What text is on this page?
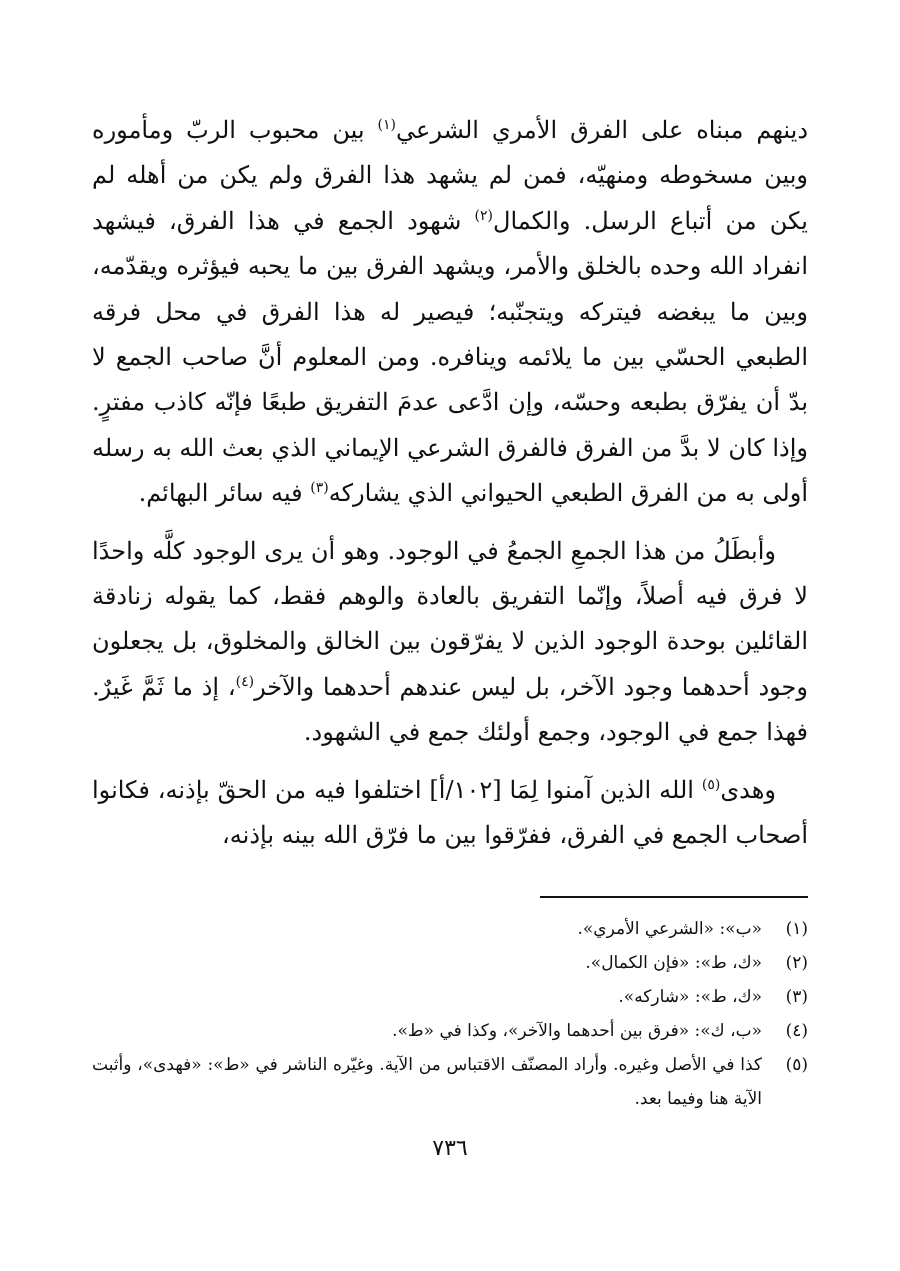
دينهم مبناه على الفرق الأمري الشرعي$^{(١)}$ بين محبوب الربّ ومأموره وبين مسخوطه ومنهيّه، فمن لم يشهد هذا الفرق ولم يكن من أهله لم يكن من أتباع الرسل. والكمال$^{(٢)}$ شهود الجمع في هذا الفرق، فيشهد انفراد الله وحده بالخلق والأمر، ويشهد الفرق بين ما يحبه فيؤثره ويقدّمه، وبين ما يبغضه فيتركه ويتجنّبه؛ فيصير له هذا الفرق في محل فرقه الطبعي الحسّي بين ما يلائمه وينافره. ومن المعلوم أنَّ صاحب الجمع لا بدّ أن يفرّق بطبعه وحسّه، وإن ادَّعى عدمَ التفريق طبعًا فإنّه كاذب مفترٍ. وإذا كان لا بدَّ من الفرق فالفرق الشرعي الإيماني الذي بعث الله به رسله أولى به من الفرق الطبعي الحيواني الذي يشاركه$^{(٣)}$ فيه سائر البهائم.

وأبطَلُ من هذا الجمعِ الجمعُ في الوجود. وهو أن يرى الوجود كلَّه واحدًا لا فرق فيه أصلاً، وإنّما التفريق بالعادة والوهم فقط، كما يقوله زنادقة القائلين بوحدة الوجود الذين لا يفرّقون بين الخالق والمخلوق، بل يجعلون وجود أحدهما وجود الآخر، بل ليس عندهم أحدهما والآخر$^{(٤)}$، إذ ما ثَمَّ غَيرٌ. فهذا جمع في الوجود، وجمع أولئك جمع في الشهود.

وهدى$^{(٥)}$ الله الذين آمنوا لِمَا [١٠٢/أ] اختلفوا فيه من الحقّ بإذنه، فكانوا أصحاب الجمع في الفرق، ففرّقوا بين ما فرّق الله بينه بإذنه،

(١)
«ب»: «الشرعي الأمري».
(٢)
«ك، ط»: «فإن الكمال».
(٣)
«ك، ط»: «شاركه».
(٤)
«ب، ك»: «فرق بين أحدهما والآخر»، وكذا في «ط».
(٥)
كذا في الأصل وغيره. وأراد المصنّف الاقتباس من الآية. وغيّره الناشر في «ط»: «فهدى»، وأثبت الآية هنا وفيما بعد.
٧٣٦
